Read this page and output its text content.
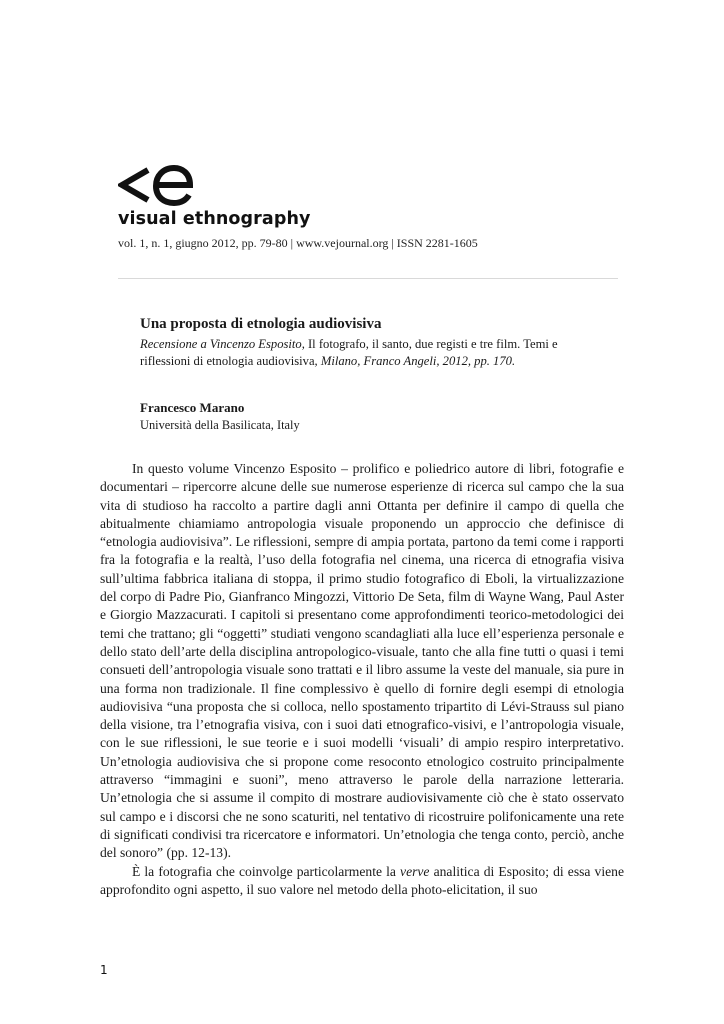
visual ethnography
vol. 1, n. 1, giugno 2012, pp. 79-80 | www.vejournal.org | ISSN 2281-1605
Una proposta di etnologia audiovisiva

Recensione a Vincenzo Esposito, Il fotografo, il santo, due registi e tre film. Temi e riflessioni di etnologia audiovisiva, Milano, Franco Angeli, 2012, pp. 170.

Francesco Marano

Università della Basilicata, Italy

In questo volume Vincenzo Esposito – prolifico e poliedrico autore di libri, fotografie e documentari – ripercorre alcune delle sue numerose esperienze di ricerca sul campo che la sua vita di studioso ha raccolto a partire dagli anni Ottanta per definire il campo di quella che abitualmente chiamiamo antropologia visuale proponendo un approccio che definisce di “etnologia audiovisiva”. Le riflessioni, sempre di ampia portata, partono da temi come i rapporti fra la fotografia e la realtà, l’uso della fotografia nel cinema, una ricerca di etnografia visiva sull’ultima fabbrica italiana di stoppa, il primo studio fotografico di Eboli, la virtualizzazione del corpo di Padre Pio, Gianfranco Mingozzi, Vittorio De Seta, film di Wayne Wang, Paul Aster e Giorgio Mazzacurati. I capitoli si presentano come approfondimenti teorico-metodologici dei temi che trattano; gli “oggetti” studiati vengono scandagliati alla luce ell’esperienza personale e dello stato dell’arte della disciplina antropologico-visuale, tanto che alla fine tutti o quasi i temi consueti dell’antropologia visuale sono trattati e il libro assume la veste del manuale, sia pure in una forma non tradizionale. Il fine complessivo è quello di fornire degli esempi di etnologia audiovisiva “una proposta che si colloca, nello spostamento tripartito di Lévi-Strauss sul piano della visione, tra l’etnografia visiva, con i suoi dati etnografico-visivi, e l’antropologia visuale, con le sue riflessioni, le sue teorie e i suoi modelli ‘visuali’ di ampio respiro interpretativo. Un’etnologia audiovisiva che si propone come resoconto etnologico costruito principalmente attraverso “immagini e suoni”, meno attraverso le parole della narrazione letteraria. Un’etnologia che si assume il compito di mostrare audiovisivamente ciò che è stato osservato sul campo e i discorsi che ne sono scaturiti, nel tentativo di ricostruire polifonicamente una rete di significati condivisi tra ricercatore e informatori. Un’etnologia che tenga conto, perciò, anche del sonoro” (pp. 12-13).

È la fotografia che coinvolge particolarmente la verve analitica di Esposito; di essa viene approfondito ogni aspetto, il suo valore nel metodo della photo-elicitation, il suo

1
